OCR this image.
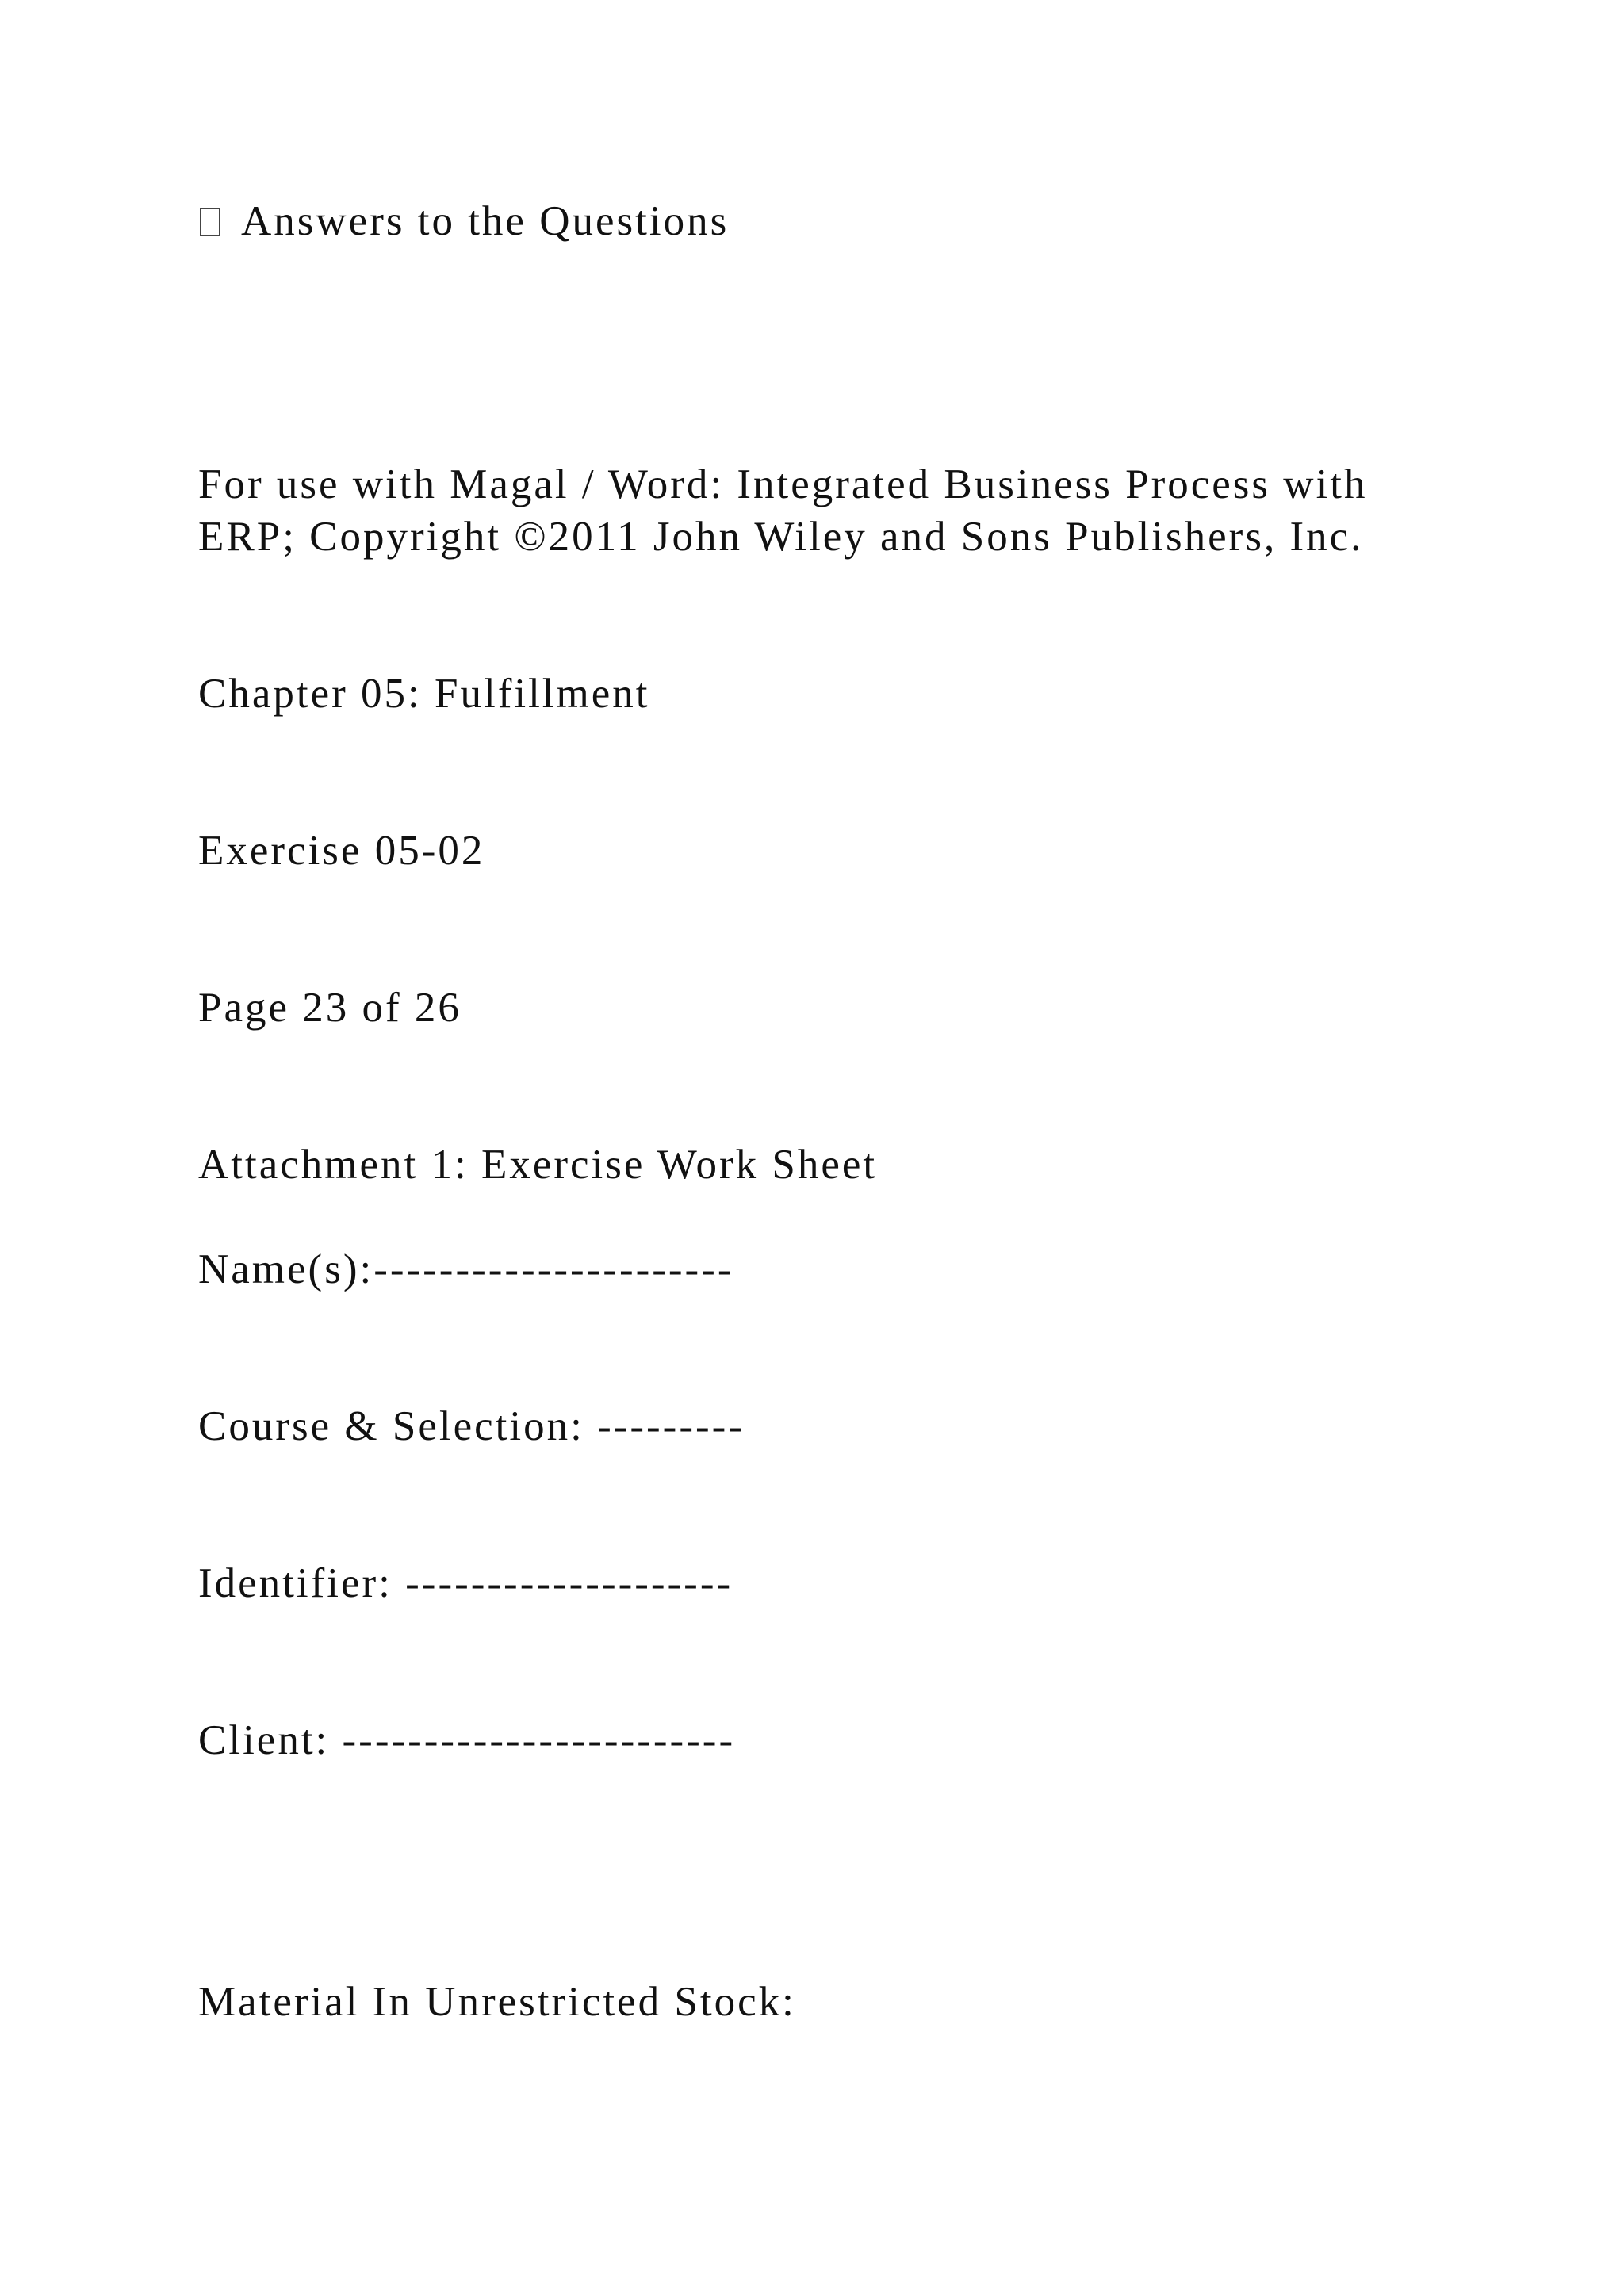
Answers to the Questions

For use with Magal / Word: Integrated Business Process with

ERP; Copyright ©2011 John Wiley and Sons Publishers, Inc.

Chapter 05: Fulfillment

Exercise 05-02

Page 23 of 26

Attachment 1: Exercise Work Sheet

Name(s):----------------------

Course & Selection: ---------

Identifier: --------------------

Client: ------------------------

Material In Unrestricted Stock:
